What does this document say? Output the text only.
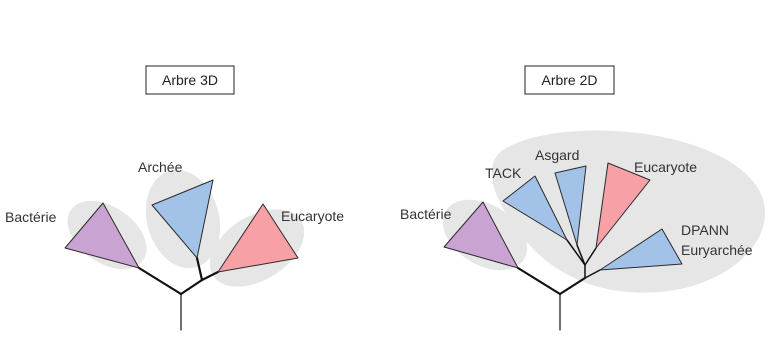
Arbre 3D
Bactérie
Archée
Eucaryote
Arbre 2D
Bactérie
TACK
Asgard
Eucaryote
DPANN
Euryarchée
